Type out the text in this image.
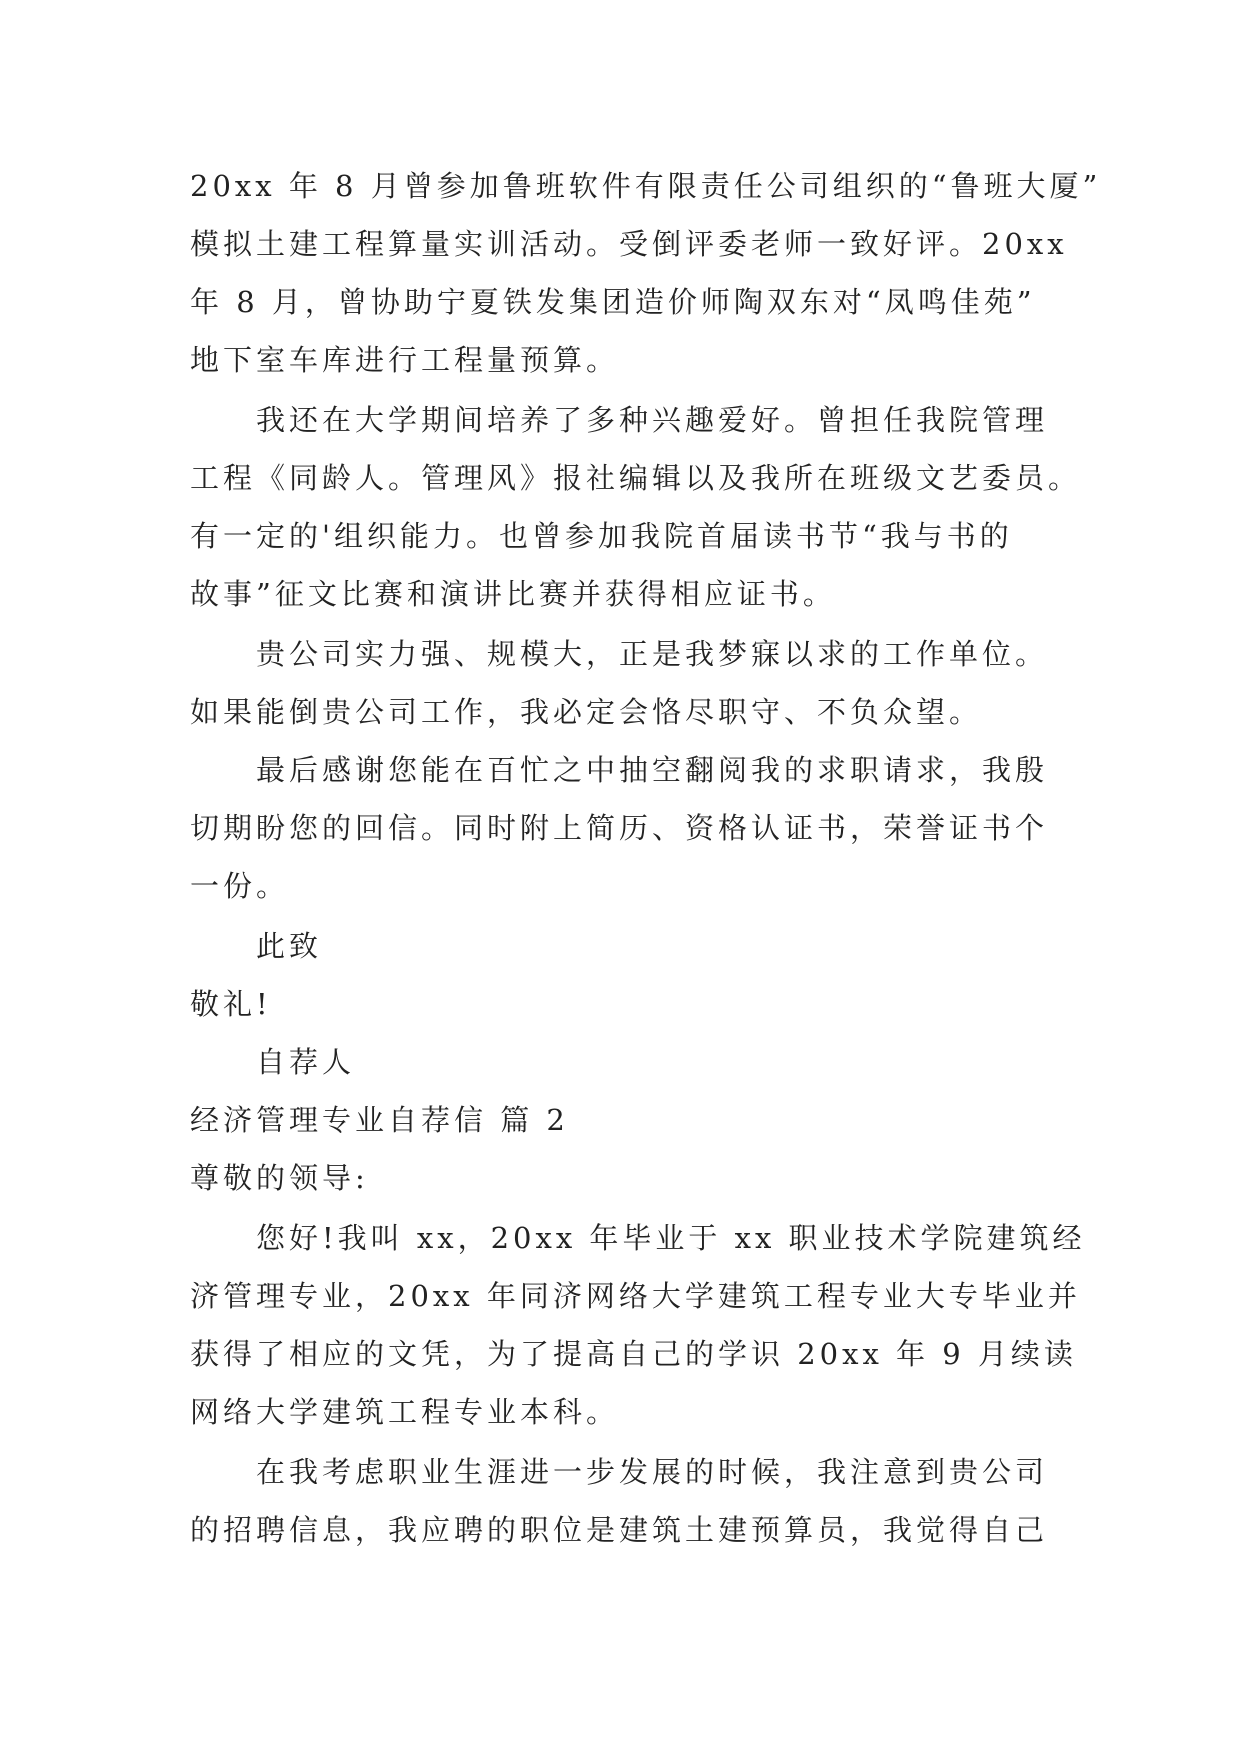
20xx 年 8 月曾参加鲁班软件有限责任公司组织的“鲁班大厦”
模拟土建工程算量实训活动。受倒评委老师一致好评。20xx
年 8 月，曾协助宁夏铁发集团造价师陶双东对“凤鸣佳苑”
地下室车库进行工程量预算。
我还在大学期间培养了多种兴趣爱好。曾担任我院管理
工程《同龄人。管理风》报社编辑以及我所在班级文艺委员。
有一定的'组织能力。也曾参加我院首届读书节“我与书的
故事”征文比赛和演讲比赛并获得相应证书。
贵公司实力强、规模大，正是我梦寐以求的工作单位。
如果能倒贵公司工作，我必定会恪尽职守、不负众望。
最后感谢您能在百忙之中抽空翻阅我的求职请求，我殷
切期盼您的回信。同时附上简历、资格认证书，荣誉证书个
一份。
此致
敬礼!
自荐人
经济管理专业自荐信 篇 2
尊敬的领导:
您好!我叫 xx，20xx 年毕业于 xx 职业技术学院建筑经
济管理专业，20xx 年同济网络大学建筑工程专业大专毕业并
获得了相应的文凭，为了提高自己的学识 20xx 年 9 月续读
网络大学建筑工程专业本科。
在我考虑职业生涯进一步发展的时候，我注意到贵公司
的招聘信息，我应聘的职位是建筑土建预算员，我觉得自己
